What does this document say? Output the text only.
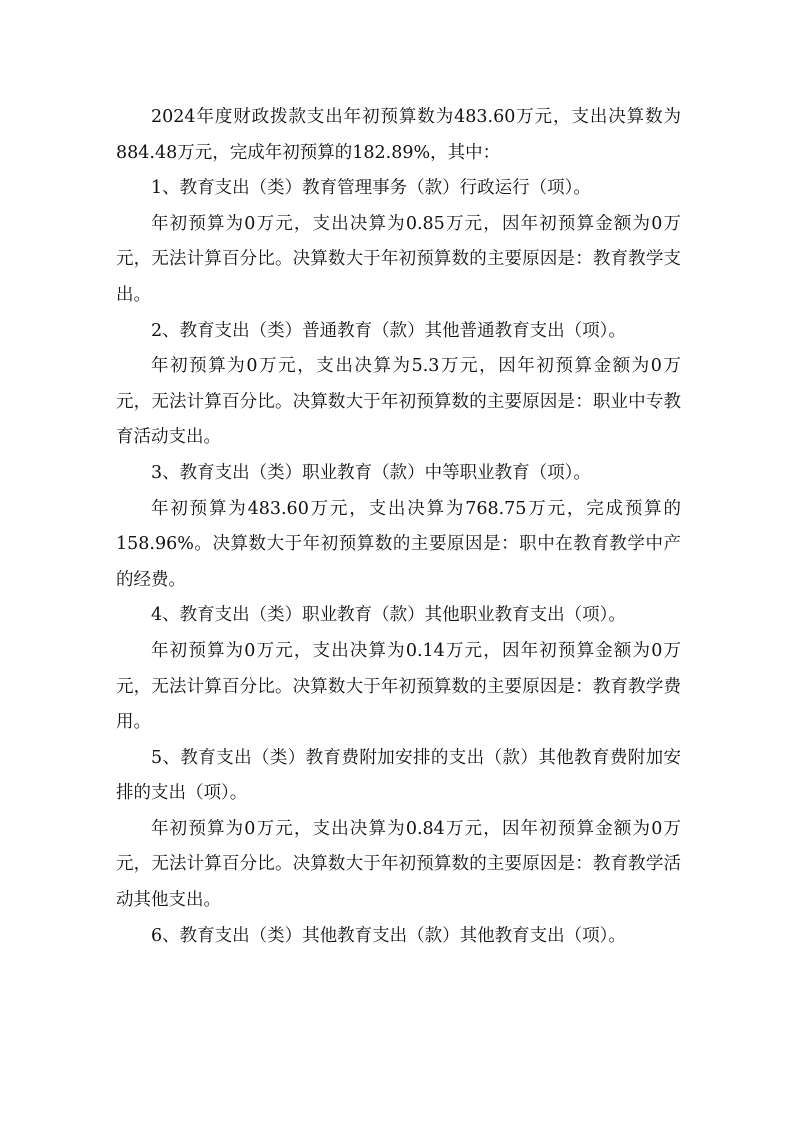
2024年度财政拨款支出年初预算数为483.60万元，支出决算数为
884.48万元，完成年初预算的182.89%，其中：
1、教育支出（类）教育管理事务（款）行政运行（项）。
年初预算为0万元，支出决算为0.85万元，因年初预算金额为0万
元，无法计算百分比。决算数大于年初预算数的主要原因是：教育教学支
出。
2、教育支出（类）普通教育（款）其他普通教育支出（项）。
年初预算为0万元，支出决算为5.3万元，因年初预算金额为0万
元，无法计算百分比。决算数大于年初预算数的主要原因是：职业中专教
育活动支出。
3、教育支出（类）职业教育（款）中等职业教育（项）。
年初预算为483.60万元，支出决算为768.75万元，完成预算的
158.96%。决算数大于年初预算数的主要原因是：职中在教育教学中产
的经费。
4、教育支出（类）职业教育（款）其他职业教育支出（项）。
年初预算为0万元，支出决算为0.14万元，因年初预算金额为0万
元，无法计算百分比。决算数大于年初预算数的主要原因是：教育教学费
用。
5、教育支出（类）教育费附加安排的支出（款）其他教育费附加安
排的支出（项）。
年初预算为0万元，支出决算为0.84万元，因年初预算金额为0万
元，无法计算百分比。决算数大于年初预算数的主要原因是：教育教学活
动其他支出。
6、教育支出（类）其他教育支出（款）其他教育支出（项）。
